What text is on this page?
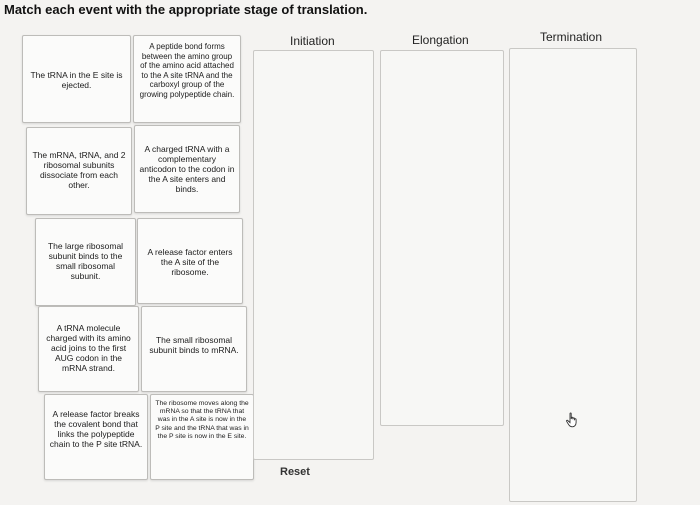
Match each event with the appropriate stage of translation.
The tRNA in the E site is ejected.
A peptide bond forms between the amino group of the amino acid attached to the A site tRNA and the carboxyl group of the growing polypeptide chain.
The mRNA, tRNA, and 2 ribosomal subunits dissociate from each other.
A charged tRNA with a complementary anticodon to the codon in the A site enters and binds.
The large ribosomal subunit binds to the small ribosomal subunit.
A release factor enters the A site of the ribosome.
A tRNA molecule charged with its amino acid joins to the first AUG codon in the mRNA strand.
The small ribosomal subunit binds to mRNA.
A release factor breaks the covalent bond that links the polypeptide chain to the P site tRNA.
The ribosome moves along the mRNA so that the tRNA that was in the A site is now in the P site and the tRNA that was in the P site is now in the E site.
Initiation	Elongation	Termination
Reset
